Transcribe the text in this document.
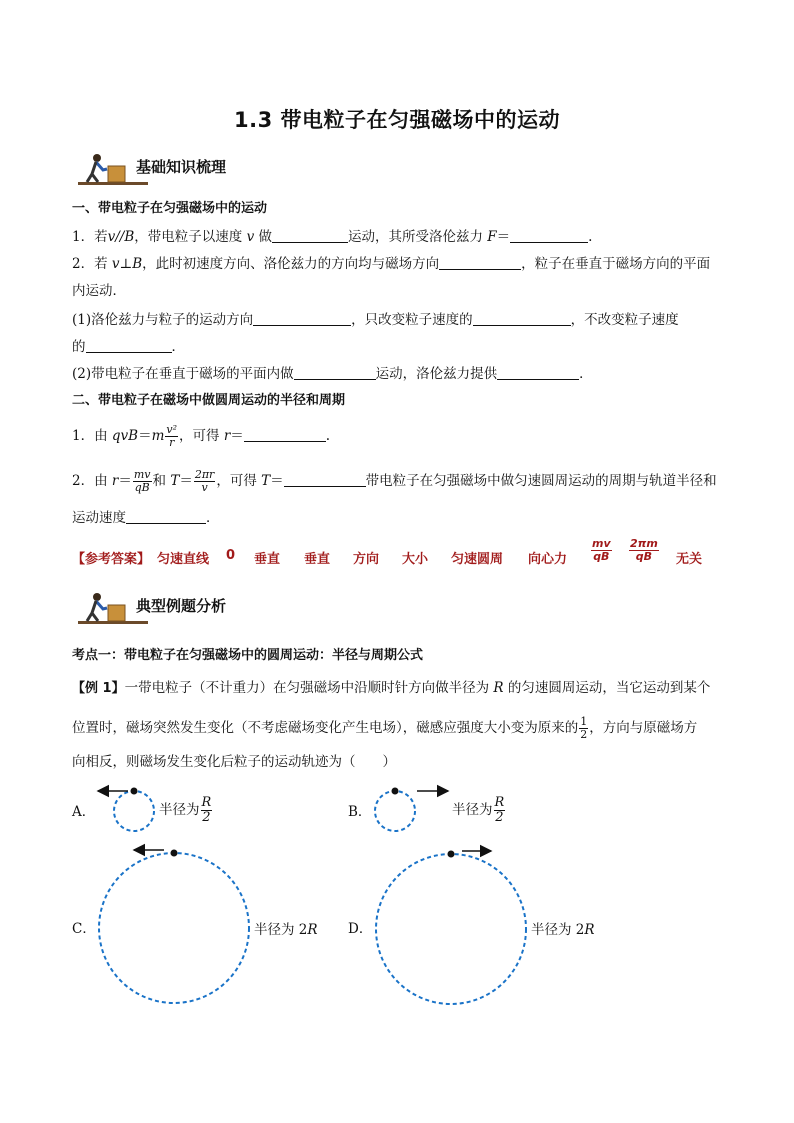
1.3 带电粒子在匀强磁场中的运动
基础知识梳理
一、带电粒子在匀强磁场中的运动
1．若v//B，带电粒子以速度 v 做	运动，其所受洛伦兹力 F＝	.
2．若 v⊥B，此时初速度方向、洛伦兹力的方向均与磁场方向	，粒子在垂直于磁场方向的平面
内运动．
(1)洛伦兹力与粒子的运动方向	，只改变粒子速度的	，不改变粒子速度
的	．
(2)带电粒子在垂直于磁场的平面内做	运动，洛伦兹力提供	．
二、带电粒子在磁场中做圆周运动的半径和周期
1．由 $qvB=m \frac{\text{v²}}{r}$ ，可得 r＝	.
2．由 $r= \frac{mv}{qB}$ 和 $T= \frac{2\pi r}{v}$ ，可得 T＝	带电粒子在匀强磁场中做匀速圆周运动的周期与轨道半径和
运动速度	．
【参考答案】 匀速直线 0 垂直 垂直 方向 大小 匀速圆周 向心力 $\frac{mv}{qB} \frac{2\pi m}{qB}$ 无关
典型例题分析
考点一：带电粒子在匀强磁场中的圆周运动：半径与周期公式
【例 1】一带电粒子（不计重力）在匀强磁场中沿顺时针方向做半径为 R 的匀速圆周运动，当它运动到某个
位置时，磁场突然发生变化（不考虑磁场变化产生电场），磁感应强度大小变为原来的 $\frac{1}{2}$ ，方向与原磁场方
向相反，则磁场发生变化后粒子的运动轨迹为（　　）
A．	B．
C．	D．
半径为 $\frac{R}{2}$	半径为 $\frac{R}{2}$
半径为 2R	半径为 2R
